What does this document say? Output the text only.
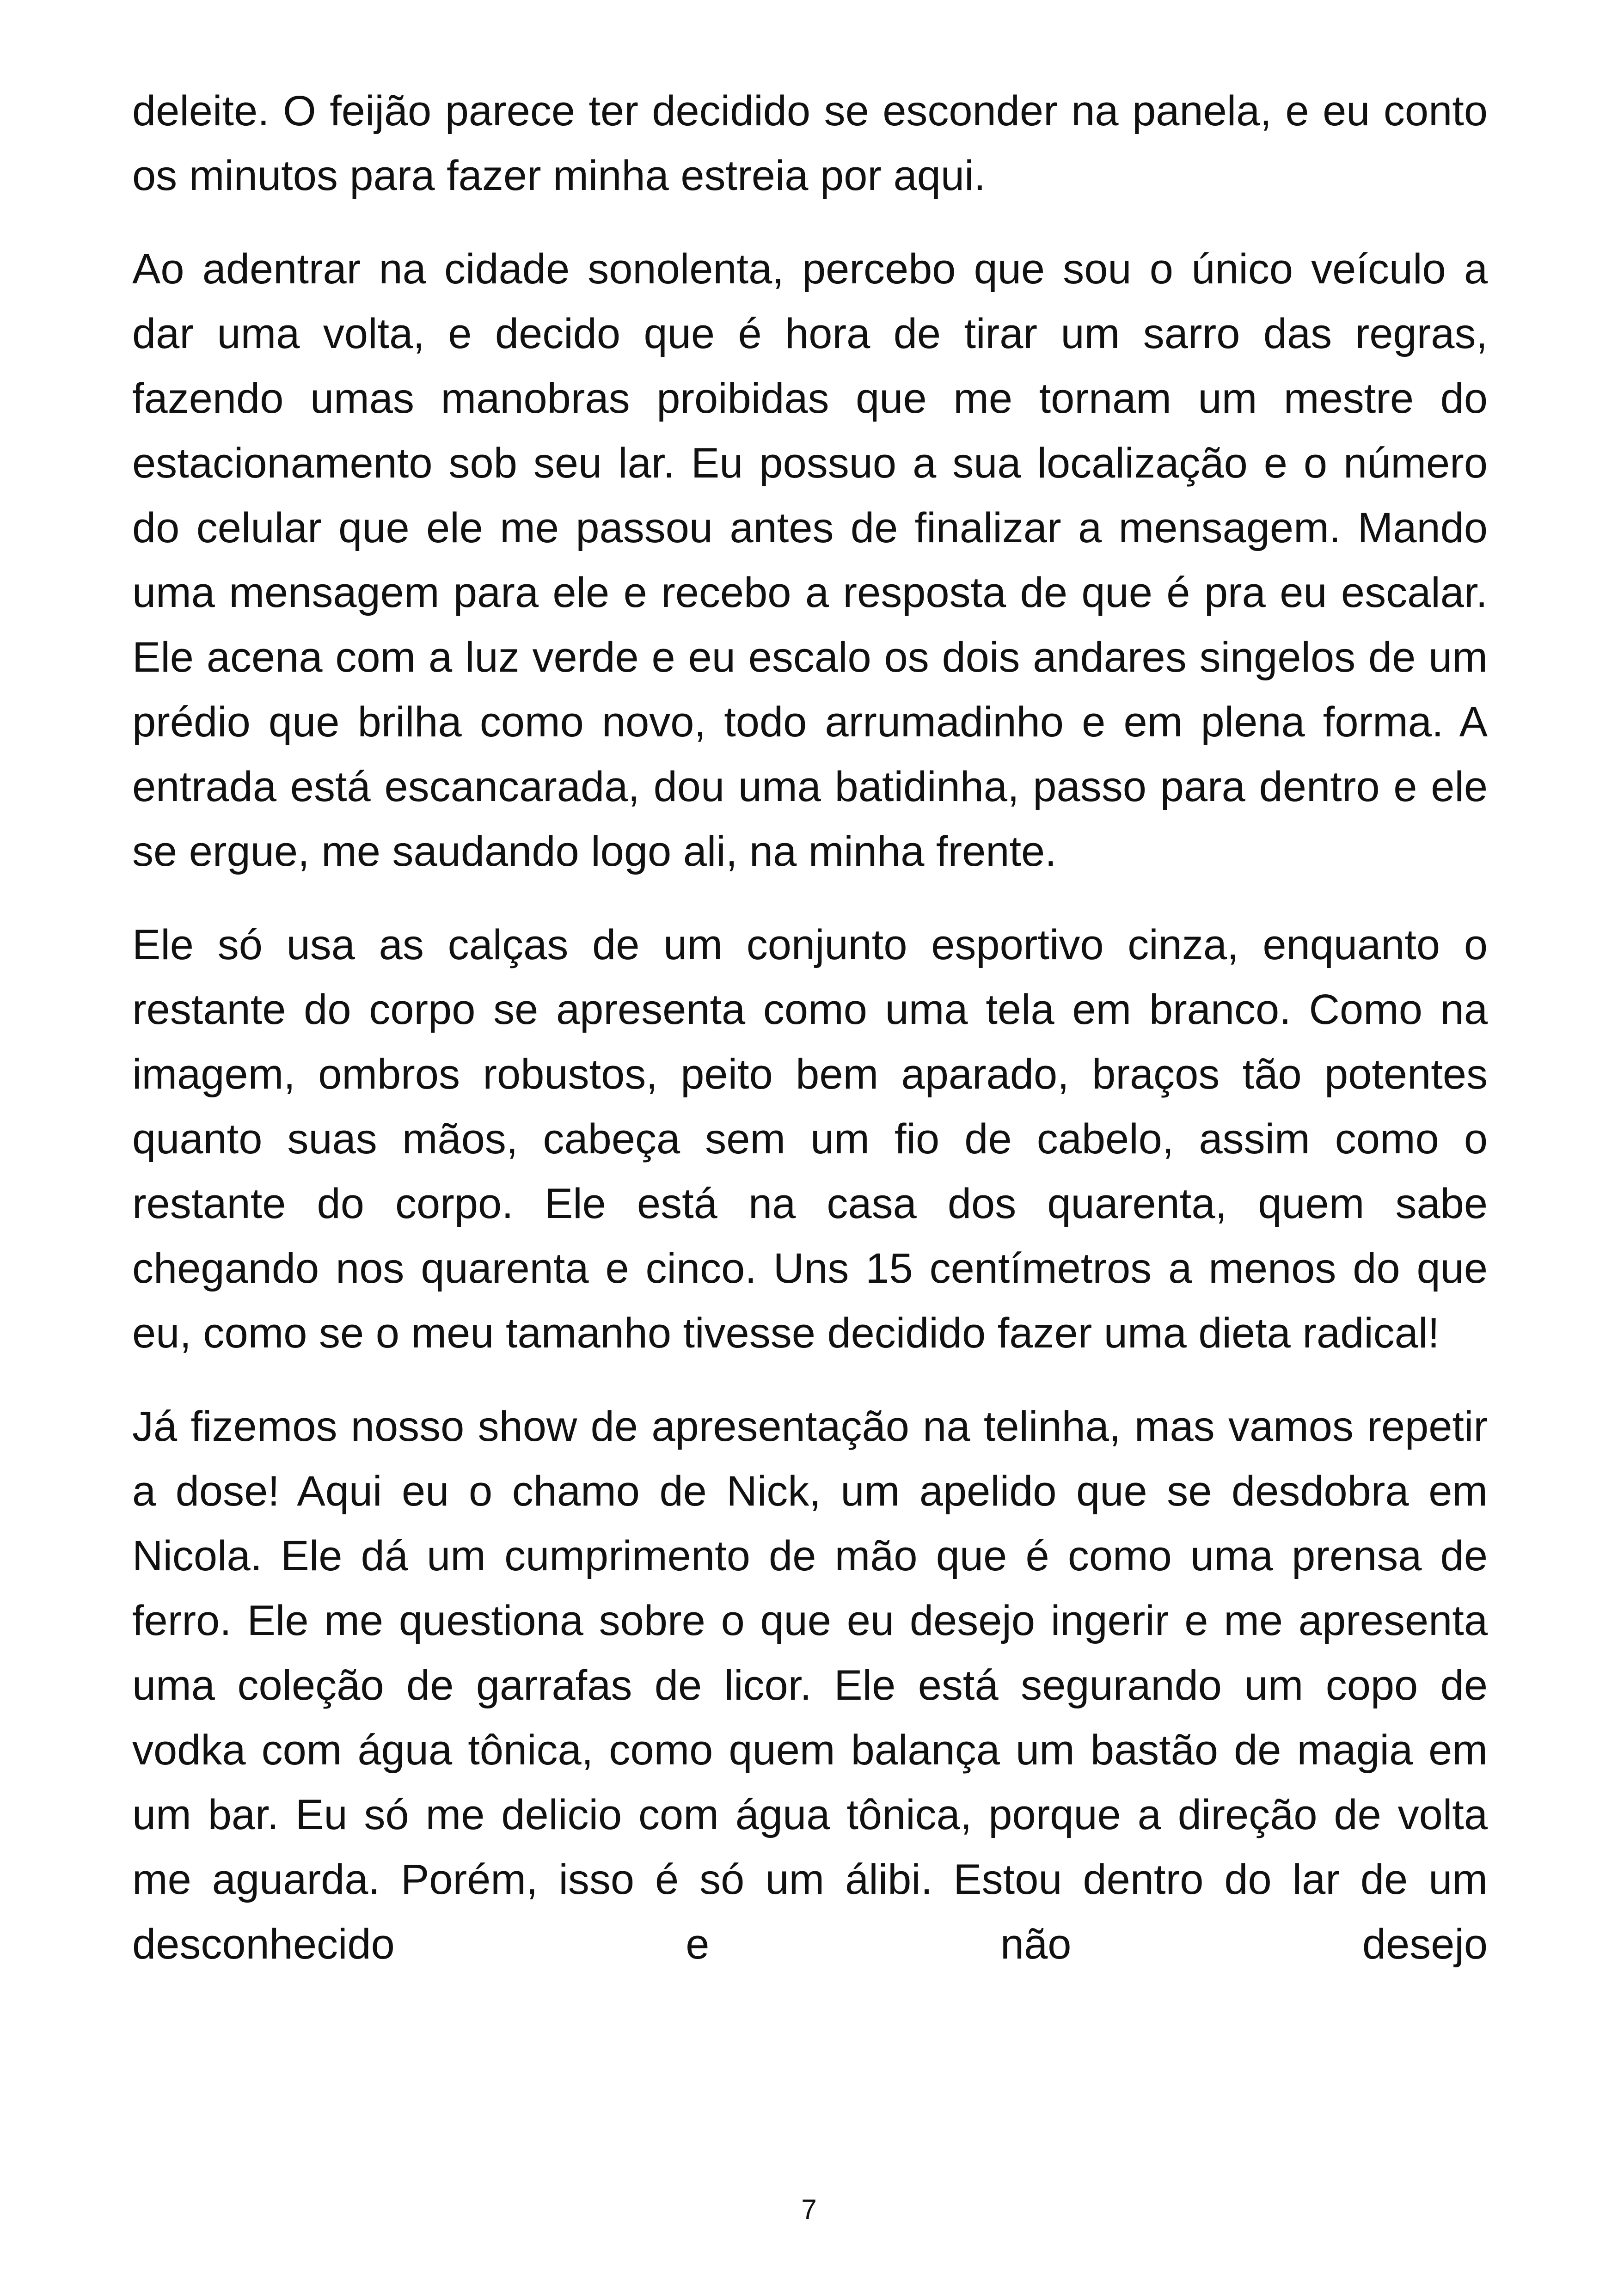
deleite. O feijão parece ter decidido se esconder na panela, e eu conto os minutos para fazer minha estreia por aqui.

Ao adentrar na cidade sonolenta, percebo que sou o único veículo a dar uma volta, e decido que é hora de tirar um sarro das regras, fazendo umas manobras proibidas que me tornam um mestre do estacionamento sob seu lar. Eu possuo a sua localização e o número do celular que ele me passou antes de finalizar a mensagem. Mando uma mensagem para ele e recebo a resposta de que é pra eu escalar. Ele acena com a luz verde e eu escalo os dois andares singelos de um prédio que brilha como novo, todo arrumadinho e em plena forma. A entrada está escancarada, dou uma batidinha, passo para dentro e ele se ergue, me saudando logo ali, na minha frente.

Ele só usa as calças de um conjunto esportivo cinza, enquanto o restante do corpo se apresenta como uma tela em branco. Como na imagem, ombros robustos, peito bem aparado, braços tão potentes quanto suas mãos, cabeça sem um fio de cabelo, assim como o restante do corpo. Ele está na casa dos quarenta, quem sabe chegando nos quarenta e cinco. Uns 15 centímetros a menos do que eu, como se o meu tamanho tivesse decidido fazer uma dieta radical!

Já fizemos nosso show de apresentação na telinha, mas vamos repetir a dose! Aqui eu o chamo de Nick, um apelido que se desdobra em Nicola. Ele dá um cumprimento de mão que é como uma prensa de ferro. Ele me questiona sobre o que eu desejo ingerir e me apresenta uma coleção de garrafas de licor. Ele está segurando um copo de vodka com água tônica, como quem balança um bastão de magia em um bar. Eu só me delicio com água tônica, porque a direção de volta me aguarda. Porém, isso é só um álibi. Estou dentro do lar de um desconhecido e não desejo

7
